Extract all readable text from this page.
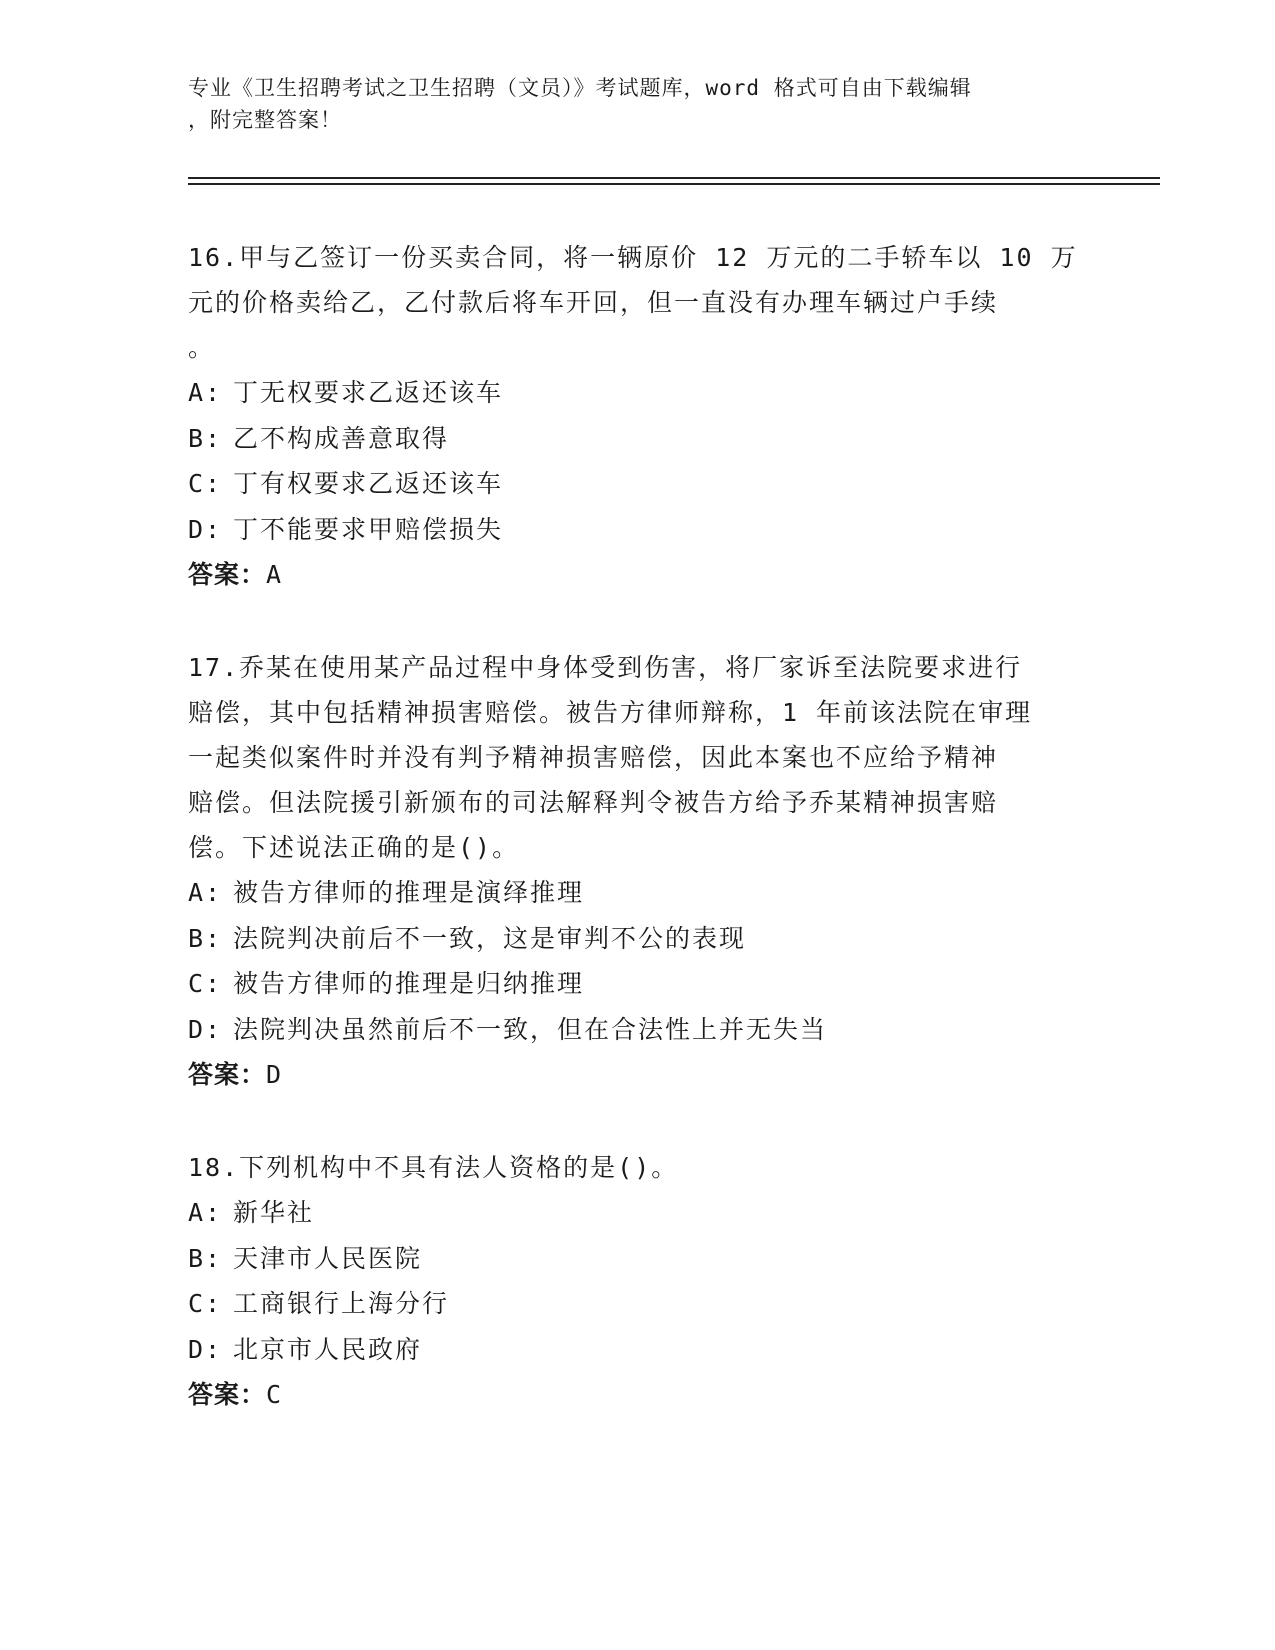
专业《卫生招聘考试之卫生招聘（文员）》考试题库，word 格式可自由下载编辑
，附完整答案！
16.甲与乙签订一份买卖合同，将一辆原价 12 万元的二手轿车以 10 万
元的价格卖给乙，乙付款后将车开回，但一直没有办理车辆过户手续
。
A: 丁无权要求乙返还该车
B: 乙不构成善意取得
C: 丁有权要求乙返还该车
D: 丁不能要求甲赔偿损失
答案：A
17.乔某在使用某产品过程中身体受到伤害，将厂家诉至法院要求进行
赔偿，其中包括精神损害赔偿。被告方律师辩称，1 年前该法院在审理
一起类似案件时并没有判予精神损害赔偿，因此本案也不应给予精神
赔偿。但法院援引新颁布的司法解释判令被告方给予乔某精神损害赔
偿。下述说法正确的是()。
A: 被告方律师的推理是演绎推理
B: 法院判决前后不一致，这是审判不公的表现
C: 被告方律师的推理是归纳推理
D: 法院判决虽然前后不一致，但在合法性上并无失当
答案：D
18.下列机构中不具有法人资格的是()。
A: 新华社
B: 天津市人民医院
C: 工商银行上海分行
D: 北京市人民政府
答案：C
